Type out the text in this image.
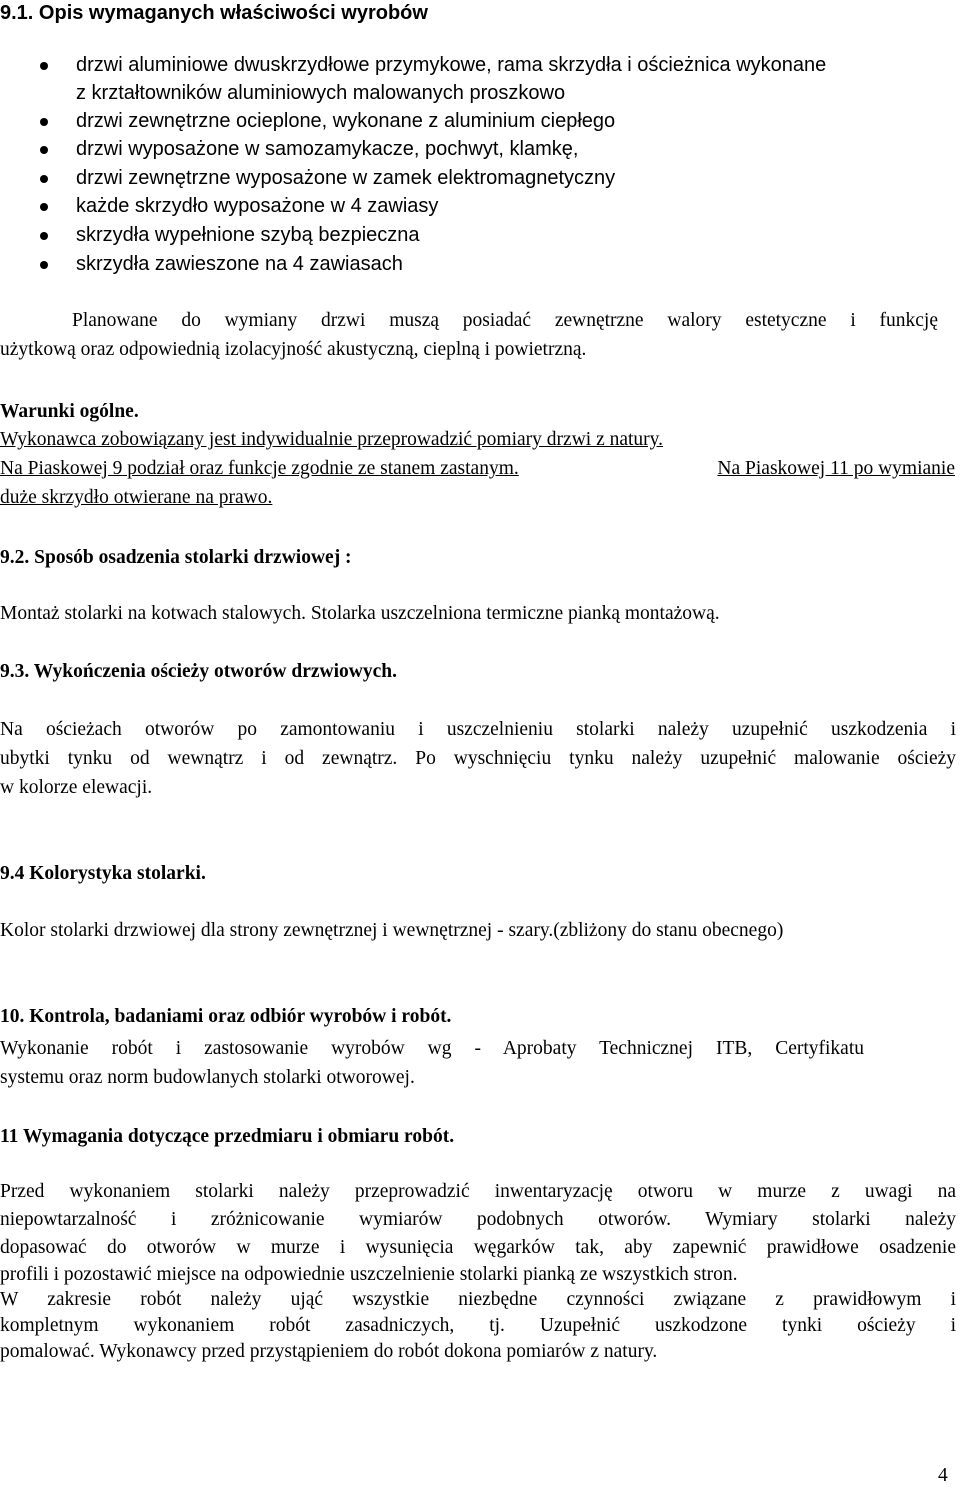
9.1. Opis wymaganych właściwości wyrobów
drzwi aluminiowe dwuskrzydłowe przymykowe, rama skrzydła i ościeżnica wykonane
z krztałtowników aluminiowych malowanych proszkowo
drzwi zewnętrzne ocieplone, wykonane z aluminium ciepłego
drzwi wyposażone w samozamykacze, pochwyt, klamkę,
drzwi zewnętrzne wyposażone w zamek elektromagnetyczny
każde skrzydło wyposażone w 4 zawiasy
skrzydła wypełnione szybą bezpieczna
skrzydła zawieszone na 4 zawiasach
Planowane do wymiany drzwi muszą posiadać zewnętrzne walory estetyczne i funkcję
użytkową oraz odpowiednią izolacyjność akustyczną, cieplną i powietrzną.
Warunki ogólne.
Wykonawca zobowiązany jest indywidualnie przeprowadzić pomiary drzwi z natury.
Na Piaskowej 9 podział oraz funkcje zgodnie ze stanem zastanym.	Na Piaskowej 11 po wymianie
duże skrzydło otwierane na prawo.
9.2. Sposób osadzenia stolarki drzwiowej :
Montaż stolarki na kotwach stalowych. Stolarka uszczelniona termiczne pianką montażową.
9.3. Wykończenia ościeży otworów drzwiowych.
Na ościeżach otworów po zamontowaniu i uszczelnieniu stolarki należy uzupełnić uszkodzenia i
ubytki tynku od wewnątrz i od zewnątrz. Po wyschnięciu tynku należy uzupełnić malowanie ościeży
w kolorze elewacji.
9.4 Kolorystyka stolarki.
Kolor stolarki drzwiowej dla strony zewnętrznej i wewnętrznej - szary.(zbliżony do stanu obecnego)
10. Kontrola, badaniami oraz odbiór wyrobów i robót.
Wykonanie robót i zastosowanie wyrobów wg - Aprobaty Technicznej ITB, Certyfikatu
systemu oraz norm budowlanych stolarki otworowej.
11 Wymagania dotyczące przedmiaru i obmiaru robót.
Przed wykonaniem stolarki należy przeprowadzić inwentaryzację otworu w murze z uwagi na
niepowtarzalność i zróżnicowanie wymiarów podobnych otworów. Wymiary stolarki należy
dopasować do otworów w murze i wysunięcia węgarków tak, aby zapewnić prawidłowe osadzenie
profili i pozostawić miejsce na odpowiednie uszczelnienie stolarki pianką ze wszystkich stron.
W zakresie robót należy ująć wszystkie niezbędne czynności związane z prawidłowym i
kompletnym wykonaniem robót zasadniczych, tj. Uzupełnić uszkodzone tynki ościeży i
pomalować. Wykonawcy przed przystąpieniem do robót dokona pomiarów z natury.
4
